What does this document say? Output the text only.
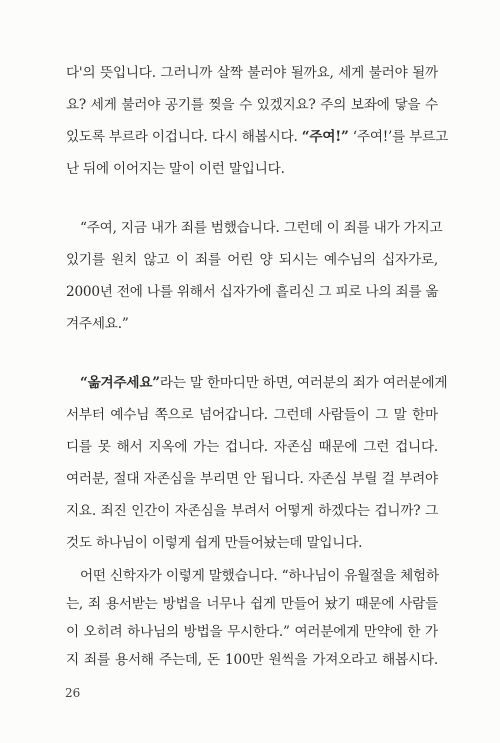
다'의 뜻입니다. 그러니까 살짝 불러야 될까요, 세게 불러야 될까
요? 세게 불러야 공기를 찢을 수 있겠지요? 주의 보좌에 닿을 수
있도록 부르라 이겁니다. 다시 해봅시다. “주여!” ‘주여!’를 부르고
난 뒤에 이어지는 말이 이런 말입니다.
“주여, 지금 내가 죄를 범했습니다. 그런데 이 죄를 내가 가지고
있기를 원치 않고 이 죄를 어린 양 되시는 예수님의 십자가로,
2000년 전에 나를 위해서 십자가에 흘리신 그 피로 나의 죄를 옮
겨주세요.”
“옮겨주세요”라는 말 한마디만 하면, 여러분의 죄가 여러분에게
서부터 예수님 쪽으로 넘어갑니다. 그런데 사람들이 그 말 한마
디를 못 해서 지옥에 가는 겁니다. 자존심 때문에 그런 겁니다.
여러분, 절대 자존심을 부리면 안 됩니다. 자존심 부릴 걸 부려야
지요. 죄진 인간이 자존심을 부려서 어떻게 하겠다는 겁니까? 그
것도 하나님이 이렇게 쉽게 만들어놨는데 말입니다.
어떤 신학자가 이렇게 말했습니다. “하나님이 유월절을 체험하
는, 죄 용서받는 방법을 너무나 쉽게 만들어 놨기 때문에 사람들
이 오히려 하나님의 방법을 무시한다.” 여러분에게 만약에 한 가
지 죄를 용서해 주는데, 돈 100만 원씩을 가져오라고 해봅시다.
26
